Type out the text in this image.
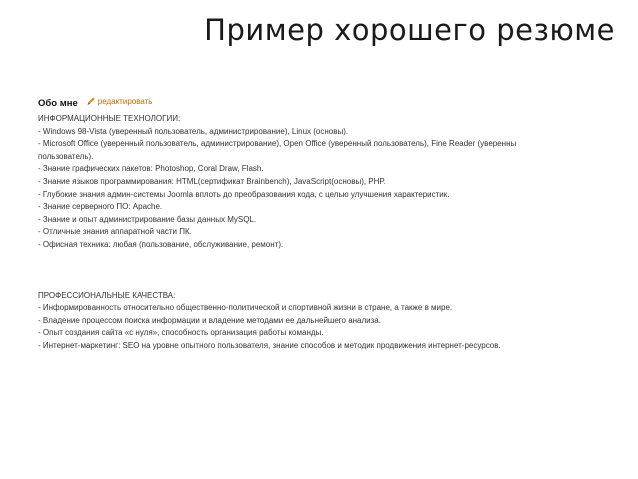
Пример хорошего резюме
Обо мне	редактировать
ИНФОРМАЦИОННЫЕ ТЕХНОЛОГИИ:
- Windows 98-Vista (уверенный пользователь, администрирование), Linux (основы).
- Microsoft Office (уверенный пользователь, администрирование), Open Office (уверенный пользователь), Fine Reader (уверенны
пользователь).
- Знание графических пакетов: Photoshop, Coral Draw, Flash.
- Знание языков программирования: HTML(сертификат Brainbench), JavaScript(основы), PHP.
- Глубокие знания админ-системы Joomla вплоть до преобразования кода, с целью улучшения характеристик.
- Знание серверного ПО: Apache.
- Знание и опыт администрирование базы данных MySQL.
- Отличные знания аппаратной части ПК.
- Офисная техника: любая (пользование, обслуживание, ремонт).
ПРОФЕССИОНАЛЬНЫЕ КАЧЕСТВА:
- Информированность относительно общественно-политической и спортивной жизни в стране, а также в мире.
- Владение процессом поиска информации и владение методами ее дальнейшего анализа.
- Опыт создания сайта «с нуля», способность организация работы команды.
- Интернет-маркетинг: SEO на уровне опытного пользователя, знание способов и методик продвижения интернет-ресурсов.
